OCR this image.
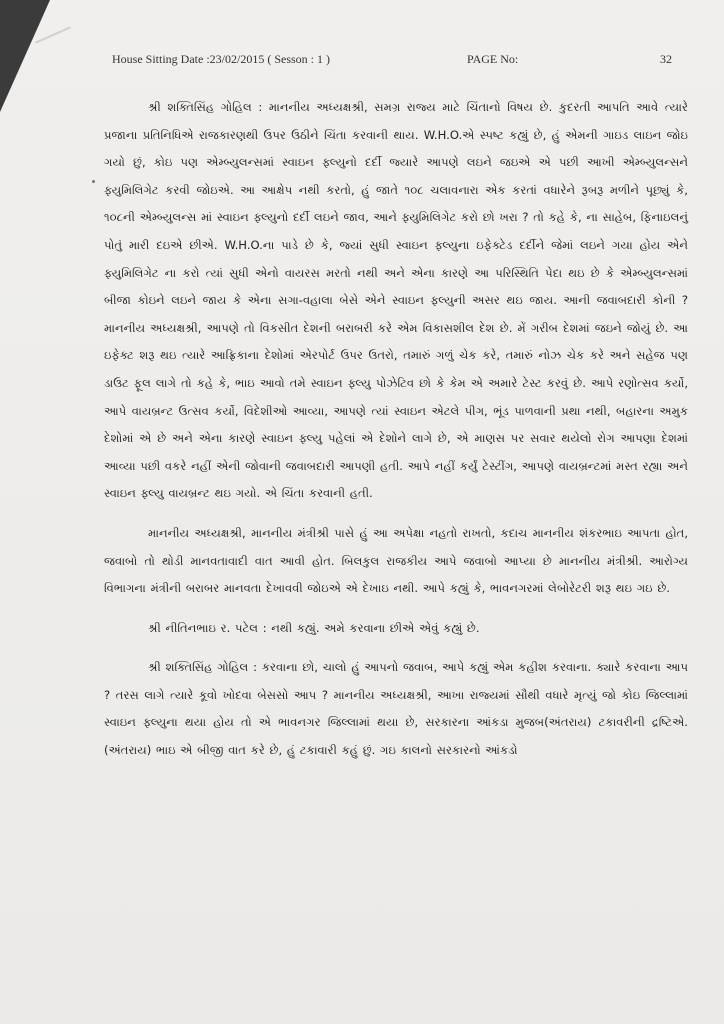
House Sitting Date :23/02/2015 ( Sesson : 1 )	PAGE No:	32

શ્રી શક્તિસિંહ ગોહિલ : માનનીય અધ્યક્ષશ્રી, સમગ્ર રાજ્ય માટે ચિંતાનો વિષય છે. કુદરતી આપતિ આવે ત્યારે પ્રજાના પ્રતિનિધિએ રાજકારણથી ઉપર ઉઠીને ચિંતા કરવાની થાય. W.H.O.એ સ્પષ્ટ કહ્યું છે, હું એમની ગાઇડ લાઇન જોઇ ગયો છું, કોઇ પણ એમ્બ્યુલન્સમાં સ્વાઇન ફ્લ્યુનો દર્દી જ્યારે આપણે લઇને જઇએ એ પછી આખી એમ્બ્યુલન્સને ફ્યુમિલિગેટ કરવી જોઇએ. આ આક્ષેપ નથી કરતો, હું જાતે ૧૦૮ ચલાવનારા એક કરતાં વધારેને રૂબરૂ મળીને પૂછ્યું કે, ૧૦૮ની એમ્બ્યુલન્સ માં સ્વાઇન ફ્લ્યુનો દર્દી લઇને જાવ, આને ફ્યુમિલિગેટ કરો છો ખરા ? તો કહે કે, ના સાહેબ, ફિનાઇલનું પોતું મારી દઇએ છીએ. W.H.O.ના પાડે છે કે, જ્યાં સુધી સ્વાઇન ફ્લ્યુના ઇફેક્ટેડ દર્દીને જેમાં લઇને ગયા હોય એને ફ્યુમિલિગેટ ના કરો ત્યાં સુધી એનો વાયરસ મરતો નથી અને એના કારણે આ પરિસ્થિતિ પેદા થઇ છે કે એમ્બ્યુલન્સમાં બીજા કોઇને લઇને જાય કે એના સગા-વહાલા બેસે એને સ્વાઇન ફ્લ્યુની અસર થઇ જાય. આની જવાબદારી કોની ? માનનીય અધ્યક્ષશ્રી, આપણે તો વિકસીત દેશની બરાબરી કરે એમ વિકાસશીલ દેશ છે. મેં ગરીબ દેશમાં જઇને જોયું છે. આ ઇફેક્ટ શરૂ થઇ ત્યારે આફ્રિકાના દેશોમાં એરપોર્ટ ઉપર ઉતરો, તમારું ગળું ચેક કરે, તમારું નોઝ ચેક કરે અને સહેજ પણ ડાઉટ ફૂલ લાગે તો કહે કે, ભાઇ આવો તમે સ્વાઇન ફ્લ્યુ પોઝેટિવ છો કે કેમ એ અમારે ટેસ્ટ કરવું છે. આપે રણોત્સવ કર્યો, આપે વાયબ્રન્ટ ઉત્સવ કર્યો, વિદેશીઓ આવ્યા, આપણે ત્યાં સ્વાઇન એટલે પીગ, ભૂંડ પાળવાની પ્રથા નથી, બહારના અમુક દેશોમાં એ છે અને એના કારણે સ્વાઇન ફ્લ્યુ પહેલાં એ દેશોને લાગે છે, એ માણસ પર સવાર થયેલો રોગ આપણા દેશમાં આવ્યા પછી વકરે નહીં એની જોવાની જવાબદારી આપણી હતી. આપે નહીં કર્યું ટેસ્ટીંગ, આપણે વાયબ્રન્ટમાં મસ્ત રહ્યા અને સ્વાઇન ફ્લ્યુ વાયબ્રન્ટ થઇ ગયો. એ ચિંતા કરવાની હતી.

માનનીય અધ્યક્ષશ્રી, માનનીય મંત્રીશ્રી પાસે હું આ અપેક્ષા નહતો રાખતો, કદાચ માનનીય શંકરભાઇ આપતા હોત, જવાબો તો થોડી માનવતાવાદી વાત આવી હોત. બિલકુલ રાજકીય આપે જવાબો આપ્યા છે માનનીય મંત્રીશ્રી. આરોગ્ય વિભાગના મંત્રીની બરાબર માનવતા દેખાવવી જોઇએ એ દેખાઇ નથી. આપે કહ્યું કે, ભાવનગરમાં લેબોરેટરી શરૂ થઇ ગઇ છે.

શ્રી નીતિનભાઇ ર. પટેલ : નથી કહ્યું. અમે કરવાના છીએ એવું કહ્યું છે.

શ્રી શક્તિસિંહ ગોહિલ : કરવાના છો, ચાલો હું આપનો જવાબ, આપે કહ્યું એમ કહીશ કરવાના. ક્યારે કરવાના આપ ? તરસ લાગે ત્યારે કૂવો ખોદવા બેસસો આપ ? માનનીય અધ્યક્ષશ્રી, આખા રાજ્યમાં સૌથી વધારે મૃત્યું જો કોઇ જિલ્લામાં સ્વાઇન ફ્લ્યુના થયા હોય તો એ ભાવનગર જિલ્લામાં થયા છે, સરકારના આંકડા મુજબ(અંતરાય) ટકાવરીની દ્રષ્ટિએ. (અંતરાય) ભાઇ એ બીજી વાત કરે છે, હું ટકાવારી કહું છું. ગઇ કાલનો સરકારનો આંકડો
